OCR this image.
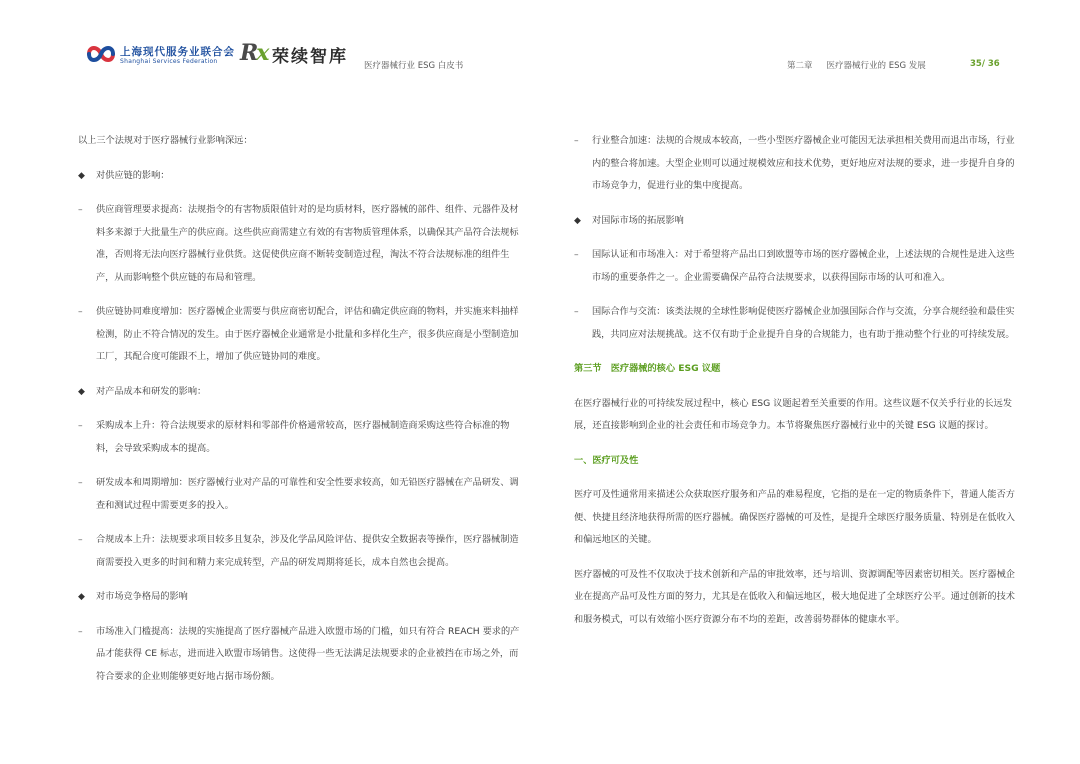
上海现代服务业联合会
Shanghai Services Federation Rx 荣续智库 医疗器械行业 ESG 白皮书	第二章 医疗器械行业的 ESG 发展	35/ 36

以上三个法规对于医疗器械行业影响深远：

◆	对供应链的影响：
–	供应商管理要求提高：法规指令的有害物质限值针对的是均质材料，医疗器械的部件、组件、元器件及材料多来源于大批量生产的供应商。这些供应商需建立有效的有害物质管理体系，以确保其产品符合法规标准，否则将无法向医疗器械行业供货。这促使供应商不断转变制造过程，淘汰不符合法规标准的组件生产，从而影响整个供应链的布局和管理。
–	供应链协同难度增加：医疗器械企业需要与供应商密切配合，评估和确定供应商的物料，并实施来料抽样检测，防止不符合情况的发生。由于医疗器械企业通常是小批量和多样化生产，很多供应商是小型制造加工厂，其配合度可能跟不上，增加了供应链协同的难度。
◆	对产品成本和研发的影响：
–	采购成本上升：符合法规要求的原材料和零部件价格通常较高，医疗器械制造商采购这些符合标准的物料，会导致采购成本的提高。
–	研发成本和周期增加：医疗器械行业对产品的可靠性和安全性要求较高，如无铅医疗器械在产品研发、调查和测试过程中需要更多的投入。
–	合规成本上升：法规要求项目较多且复杂，涉及化学品风险评估、提供安全数据表等操作，医疗器械制造商需要投入更多的时间和精力来完成转型，产品的研发周期将延长，成本自然也会提高。
◆	对市场竞争格局的影响
–	市场准入门槛提高：法规的实施提高了医疗器械产品进入欧盟市场的门槛，如只有符合 REACH 要求的产品才能获得 CE 标志，进而进入欧盟市场销售。这使得一些无法满足法规要求的企业被挡在市场之外，而符合要求的企业则能够更好地占据市场份额。
–	行业整合加速：法规的合规成本较高，一些小型医疗器械企业可能因无法承担相关费用而退出市场，行业内的整合将加速。大型企业则可以通过规模效应和技术优势，更好地应对法规的要求，进一步提升自身的市场竞争力，促进行业的集中度提高。
◆	对国际市场的拓展影响
–	国际认证和市场准入：对于希望将产品出口到欧盟等市场的医疗器械企业，上述法规的合规性是进入这些市场的重要条件之一。企业需要确保产品符合法规要求，以获得国际市场的认可和准入。
–	国际合作与交流：该类法规的全球性影响促使医疗器械企业加强国际合作与交流，分享合规经验和最佳实践，共同应对法规挑战。这不仅有助于企业提升自身的合规能力，也有助于推动整个行业的可持续发展。
第三节　医疗器械的核心 ESG 议题

在医疗器械行业的可持续发展过程中，核心 ESG 议题起着至关重要的作用。这些议题不仅关乎行业的长远发展，还直接影响到企业的社会责任和市场竞争力。本节将聚焦医疗器械行业中的关键 ESG 议题的探讨。

一、医疗可及性

医疗可及性通常用来描述公众获取医疗服务和产品的难易程度，它指的是在一定的物质条件下，普通人能否方便、快捷且经济地获得所需的医疗器械。确保医疗器械的可及性，是提升全球医疗服务质量、特别是在低收入和偏远地区的关键。

医疗器械的可及性不仅取决于技术创新和产品的审批效率，还与培训、资源调配等因素密切相关。医疗器械企业在提高产品可及性方面的努力，尤其是在低收入和偏远地区，极大地促进了全球医疗公平。通过创新的技术和服务模式，可以有效缩小医疗资源分布不均的差距，改善弱势群体的健康水平。
